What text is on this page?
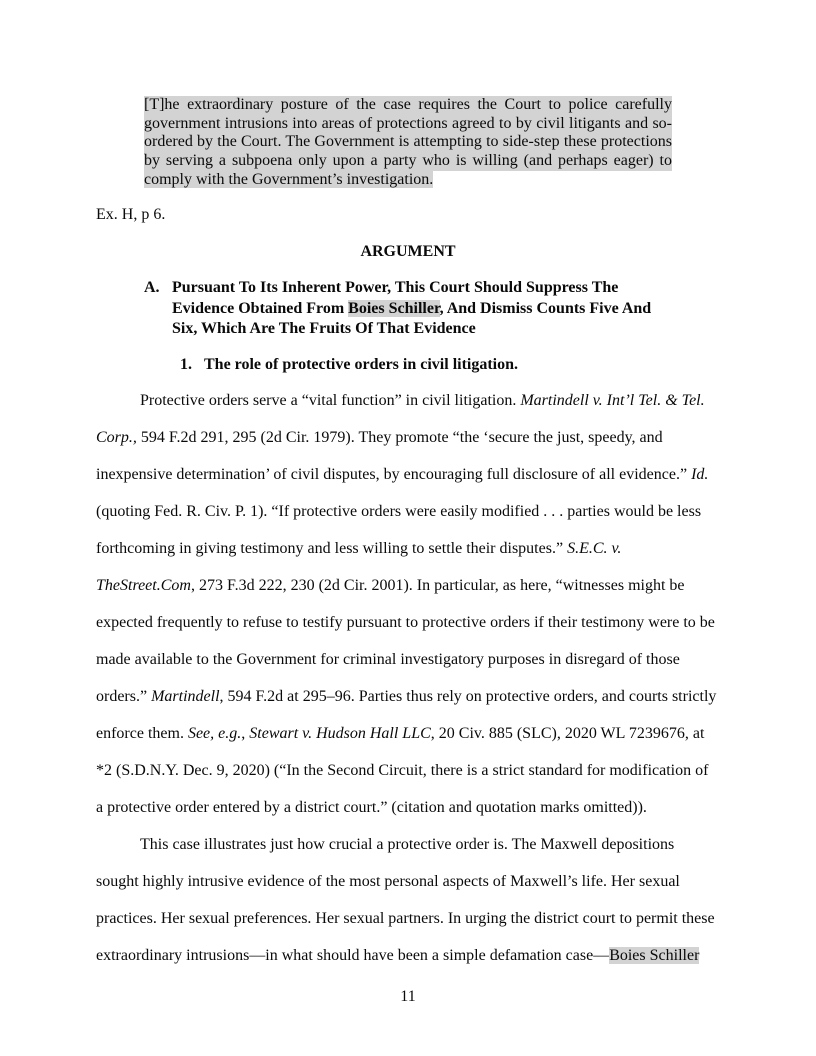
[T]he extraordinary posture of the case requires the Court to police carefully
government intrusions into areas of protections agreed to by civil litigants and so-
ordered by the Court. The Government is attempting to side-step these protections
by serving a subpoena only upon a party who is willing (and perhaps eager) to
comply with the Government’s investigation.
Ex. H, p 6.
ARGUMENT
A. Pursuant To Its Inherent Power, This Court Should Suppress The
Evidence Obtained From Boies Schiller, And Dismiss Counts Five And
Six, Which Are The Fruits Of That Evidence
1. The role of protective orders in civil litigation.
Protective orders serve a “vital function” in civil litigation. Martindell v. Int’l Tel. & Tel.
Corp., 594 F.2d 291, 295 (2d Cir. 1979). They promote “the ‘secure the just, speedy, and
inexpensive determination’ of civil disputes, by encouraging full disclosure of all evidence.” Id.
(quoting Fed. R. Civ. P. 1). “If protective orders were easily modified . . . parties would be less
forthcoming in giving testimony and less willing to settle their disputes.” S.E.C. v.
TheStreet.Com, 273 F.3d 222, 230 (2d Cir. 2001). In particular, as here, “witnesses might be
expected frequently to refuse to testify pursuant to protective orders if their testimony were to be
made available to the Government for criminal investigatory purposes in disregard of those
orders.” Martindell, 594 F.2d at 295–96. Parties thus rely on protective orders, and courts strictly
enforce them. See, e.g., Stewart v. Hudson Hall LLC, 20 Civ. 885 (SLC), 2020 WL 7239676, at
*2 (S.D.N.Y. Dec. 9, 2020) (“In the Second Circuit, there is a strict standard for modification of
a protective order entered by a district court.” (citation and quotation marks omitted)).
This case illustrates just how crucial a protective order is. The Maxwell depositions
sought highly intrusive evidence of the most personal aspects of Maxwell’s life. Her sexual
practices. Her sexual preferences. Her sexual partners. In urging the district court to permit these
extraordinary intrusions—in what should have been a simple defamation case—Boies Schiller
11
